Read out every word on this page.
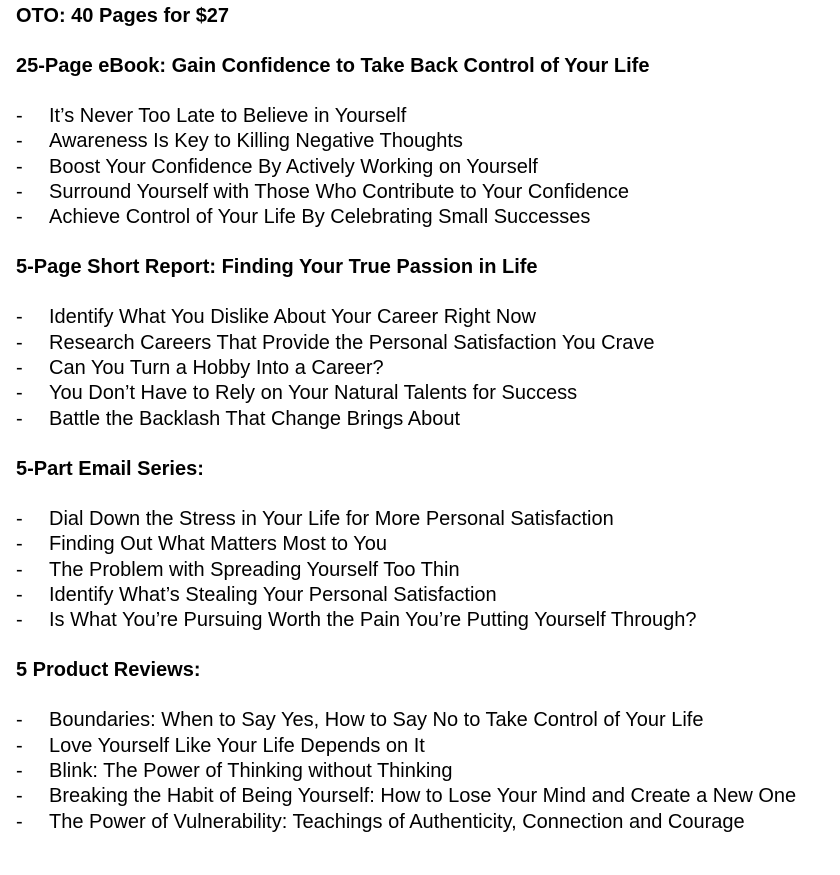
OTO: 40 Pages for $27
25-Page eBook: Gain Confidence to Take Back Control of Your Life
- It’s Never Too Late to Believe in Yourself
- Awareness Is Key to Killing Negative Thoughts
- Boost Your Confidence By Actively Working on Yourself
- Surround Yourself with Those Who Contribute to Your Confidence
- Achieve Control of Your Life By Celebrating Small Successes
5-Page Short Report: Finding Your True Passion in Life
- Identify What You Dislike About Your Career Right Now
- Research Careers That Provide the Personal Satisfaction You Crave
- Can You Turn a Hobby Into a Career?
- You Don’t Have to Rely on Your Natural Talents for Success
- Battle the Backlash That Change Brings About
5-Part Email Series:
- Dial Down the Stress in Your Life for More Personal Satisfaction
- Finding Out What Matters Most to You
- The Problem with Spreading Yourself Too Thin
- Identify What’s Stealing Your Personal Satisfaction
- Is What You’re Pursuing Worth the Pain You’re Putting Yourself Through?
5 Product Reviews:
- Boundaries: When to Say Yes, How to Say No to Take Control of Your Life
- Love Yourself Like Your Life Depends on It
- Blink: The Power of Thinking without Thinking
- Breaking the Habit of Being Yourself: How to Lose Your Mind and Create a New One
- The Power of Vulnerability: Teachings of Authenticity, Connection and Courage
